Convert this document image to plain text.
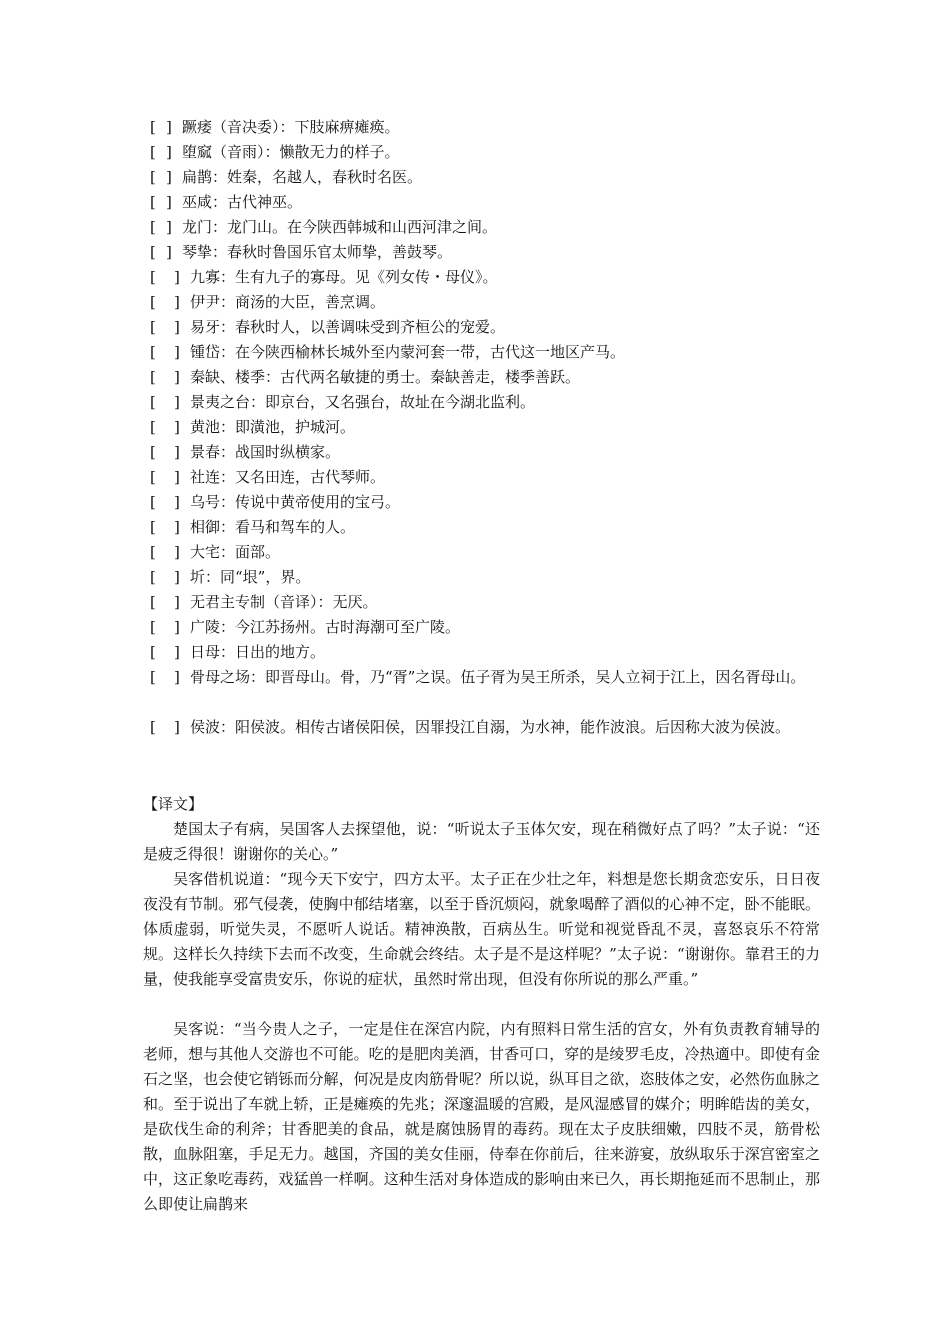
[ ] 蹶痿（音决委）：下肢麻痹瘫痪。
[ ] 堕窳（音雨）：懒散无力的样子。
[ ] 扁鹊：姓秦，名越人，春秋时名医。
[ ] 巫咸：古代神巫。
[ ] 龙门：龙门山。在今陕西韩城和山西河津之间。
[ ] 琴挚：春秋时鲁国乐官太师挚，善鼓琴。
[ ] 九寡：生有九子的寡母。见《列女传・母仪》。
[ ] 伊尹：商汤的大臣，善烹调。
[ ] 易牙：春秋时人，以善调味受到齐桓公的宠爱。
[ ] 锺岱：在今陕西榆林长城外至内蒙河套一带，古代这一地区产马。
[ ] 秦缺、楼季：古代两名敏捷的勇士。秦缺善走，楼季善跃。
[ ] 景夷之台：即京台，又名强台，故址在今湖北监利。
[ ] 黄池：即潢池，护城河。
[ ] 景春：战国时纵横家。
[ ] 社连：又名田连，古代琴师。
[ ] 乌号：传说中黄帝使用的宝弓。
[ ] 相御：看马和驾车的人。
[ ] 大宅：面部。
[ ] 圻：同“垠”，界。
[ ] 无君主专制（音译）：无厌。
[ ] 广陵：今江苏扬州。古时海潮可至广陵。
[ ] 日母：日出的地方。
[ ] 骨母之场：即晋母山。骨，乃“胥”之误。伍子胥为吴王所杀，吴人立祠于江上，因名胥母山。
[ ] 侯波：阳侯波。相传古诸侯阳侯，因罪投江自溺，为水神，能作波浪。后因称大波为侯波。
【译文】
楚国太子有病，吴国客人去探望他，说：“听说太子玉体欠安，现在稍微好点了吗？”太子说：“还是疲乏得很！谢谢你的关心。”
吴客借机说道：“现今天下安宁，四方太平。太子正在少壮之年，料想是您长期贪恋安乐，日日夜夜没有节制。邪气侵袭，使胸中郁结堵塞，以至于昏沉烦闷，就象喝醉了酒似的心神不定，卧不能眠。体质虚弱，听觉失灵，不愿听人说话。精神涣散，百病丛生。听觉和视觉昏乱不灵，喜怒哀乐不符常规。这样长久持续下去而不改变，生命就会终结。太子是不是这样呢？”太子说：“谢谢你。靠君王的力量，使我能享受富贵安乐，你说的症状，虽然时常出现，但没有你所说的那么严重。”
吴客说：“当今贵人之子，一定是住在深宫内院，内有照料日常生活的宫女，外有负责教育辅导的老师，想与其他人交游也不可能。吃的是肥肉美酒，甘香可口，穿的是绫罗毛皮，冷热適中。即使有金石之坚，也会使它销铄而分解，何况是皮肉筋骨呢？所以说，纵耳目之欲，恣肢体之安，必然伤血脉之和。至于说出了车就上轿，正是瘫痪的先兆；深邃温暖的宫殿，是风湿感冒的媒介；明眸皓齿的美女，是砍伐生命的利斧；甘香肥美的食品，就是腐蚀肠胃的毒药。现在太子皮肤细嫩，四肢不灵，筋骨松散，血脉阻塞，手足无力。越国，齐国的美女佳丽，侍奉在你前后，往来游宴，放纵取乐于深宫密室之中，这正象吃毒药，戏猛兽一样啊。这种生活对身体造成的影响由来已久，再长期拖延而不思制止，那么即使让扁鹊来
